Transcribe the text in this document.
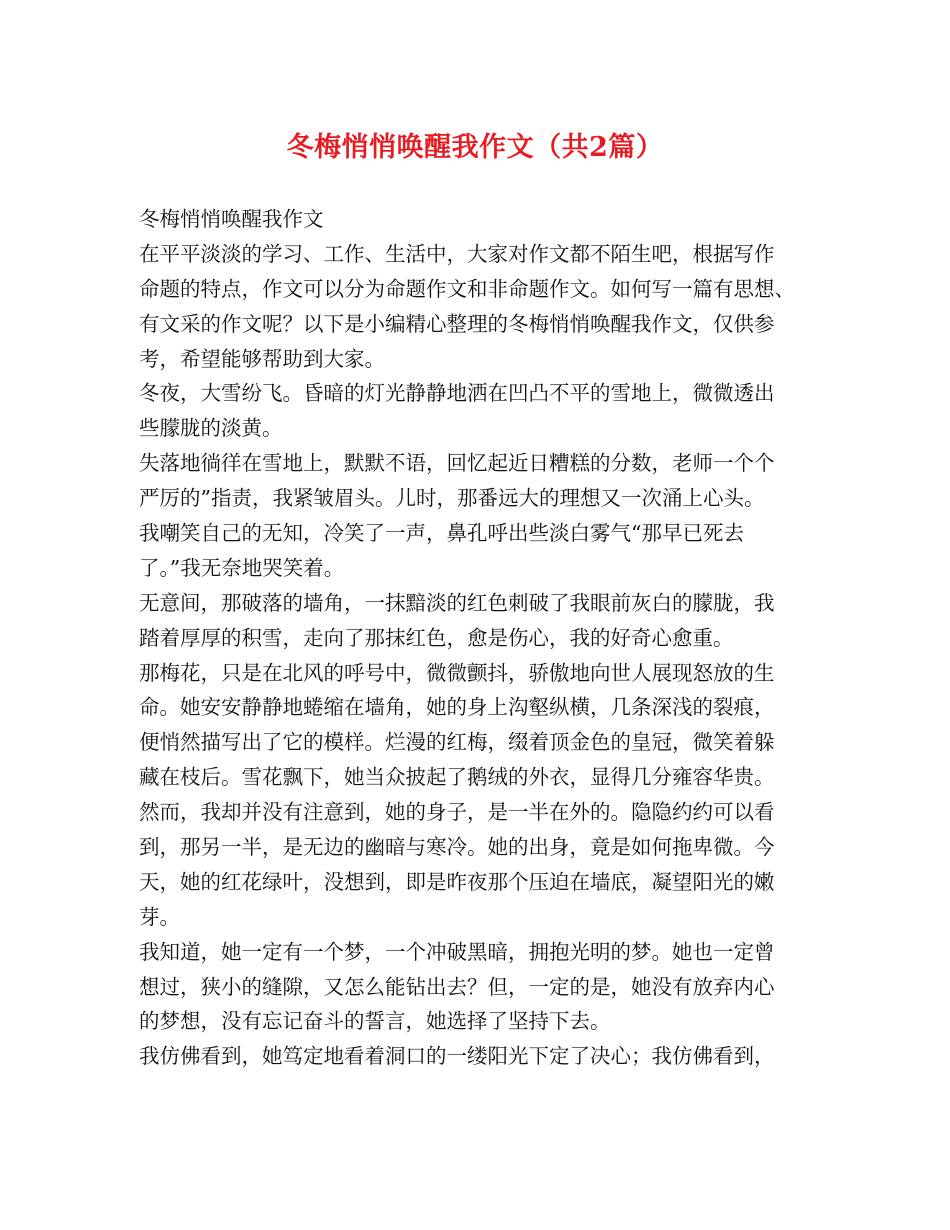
冬梅悄悄唤醒我作文（共2篇）
冬梅悄悄唤醒我作文
在平平淡淡的学习、工作、生活中，大家对作文都不陌生吧，根据写作
命题的特点，作文可以分为命题作文和非命题作文。如何写一篇有思想、
有文采的作文呢？以下是小编精心整理的冬梅悄悄唤醒我作文，仅供参
考，希望能够帮助到大家。
冬夜，大雪纷飞。昏暗的灯光静静地洒在凹凸不平的雪地上，微微透出
些朦胧的淡黄。
失落地徜徉在雪地上，默默不语，回忆起近日糟糕的分数，老师一个个
严厉的”指责，我紧皱眉头。儿时，那番远大的理想又一次涌上心头。
我嘲笑自己的无知，冷笑了一声，鼻孔呼出些淡白雾气“那早已死去
了。”我无奈地哭笑着。
无意间，那破落的墙角，一抹黯淡的红色刺破了我眼前灰白的朦胧，我
踏着厚厚的积雪，走向了那抹红色，愈是伤心，我的好奇心愈重。
那梅花，只是在北风的呼号中，微微颤抖，骄傲地向世人展现怒放的生
命。她安安静静地蜷缩在墙角，她的身上沟壑纵横，几条深浅的裂痕，
便悄然描写出了它的模样。烂漫的红梅，缀着顶金色的皇冠，微笑着躲
藏在枝后。雪花飘下，她当众披起了鹅绒的外衣，显得几分雍容华贵。
然而，我却并没有注意到，她的身子，是一半在外的。隐隐约约可以看
到，那另一半，是无边的幽暗与寒冷。她的出身，竟是如何拖卑微。今
天，她的红花绿叶，没想到，即是昨夜那个压迫在墙底，凝望阳光的嫩
芽。
我知道，她一定有一个梦，一个冲破黑暗，拥抱光明的梦。她也一定曾
想过，狭小的缝隙，又怎么能钻出去？但，一定的是，她没有放弃内心
的梦想，没有忘记奋斗的誓言，她选择了坚持下去。
我仿佛看到，她笃定地看着洞口的一缕阳光下定了决心；我仿佛看到，
